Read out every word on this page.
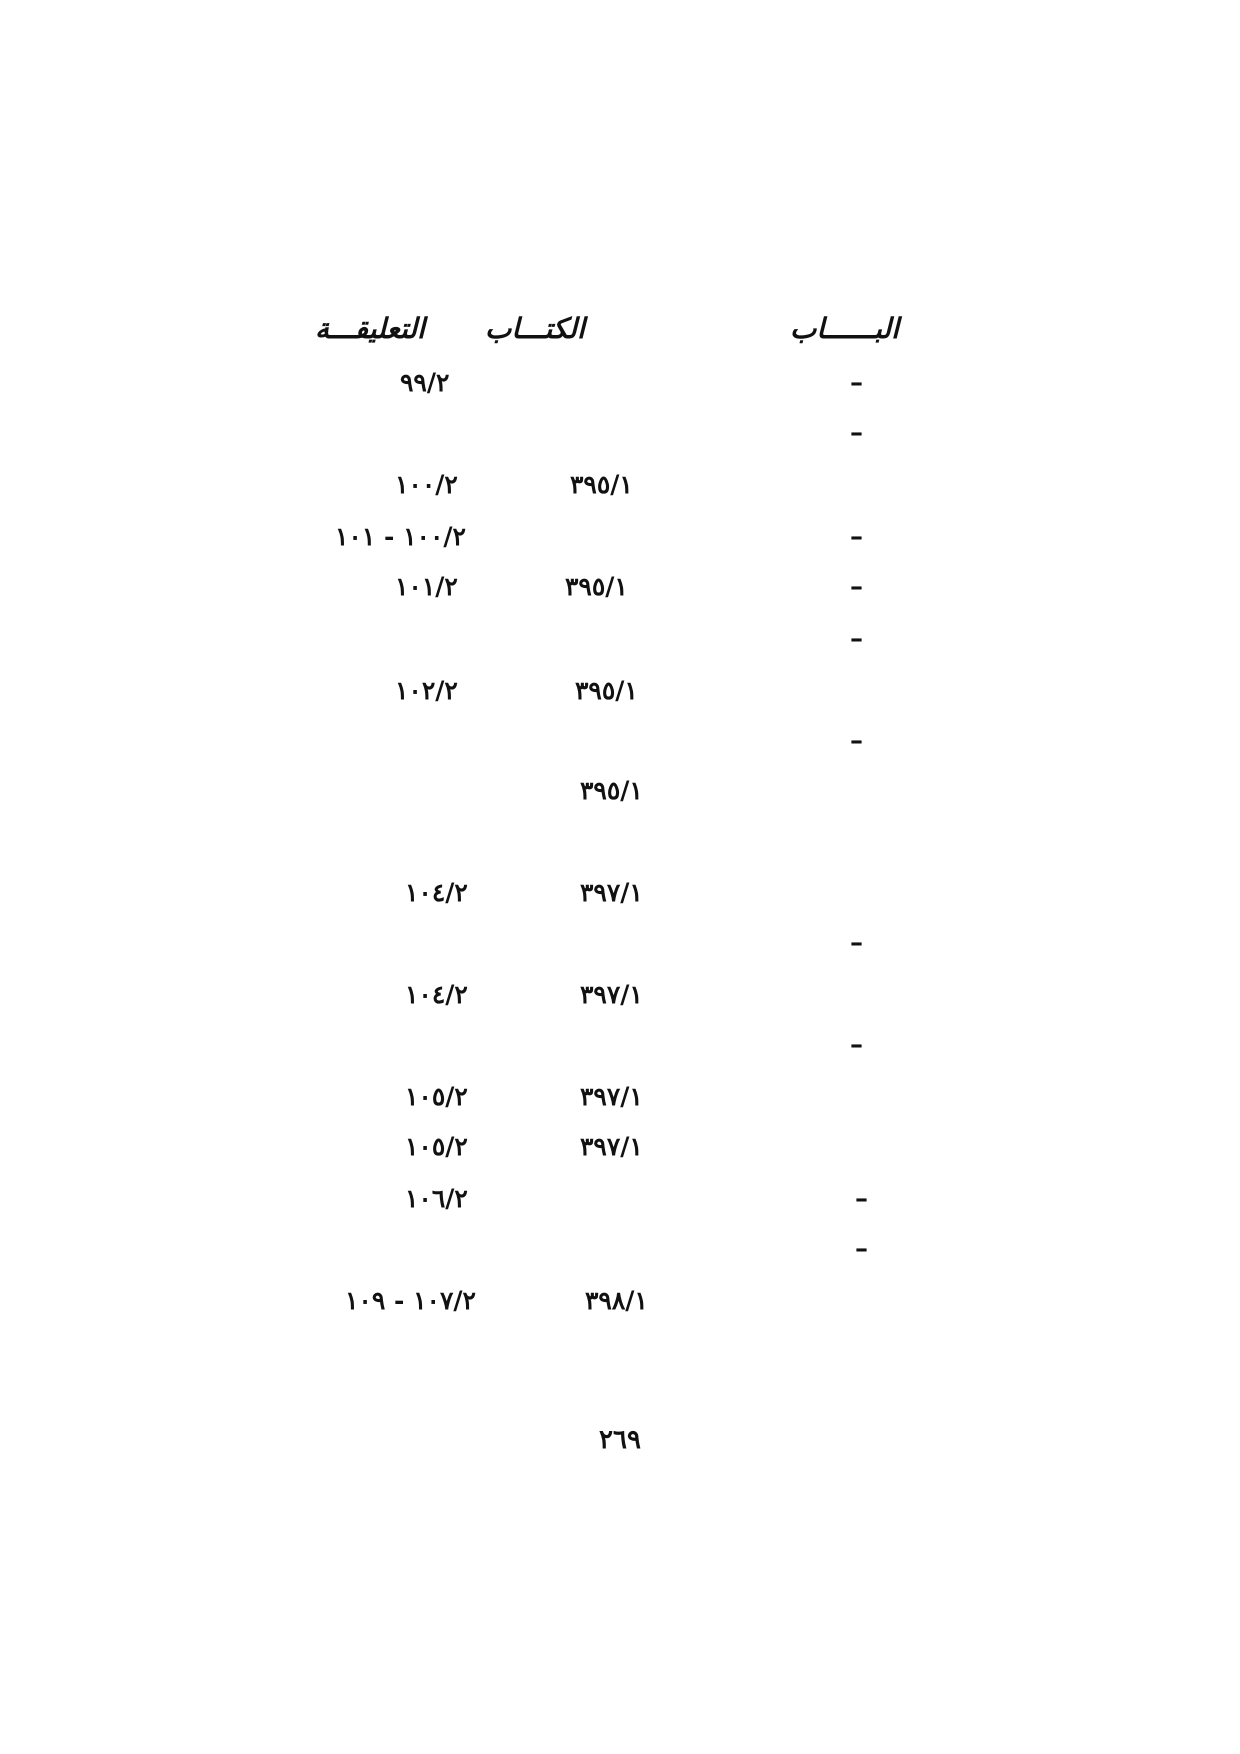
البــــــاب
الكتـــاب
التعليقـــة
–
٩٩/٢
–
٣٩٥/١
١٠٠/٢
–
١٠٠/٢ - ١٠١
–
٣٩٥/١
١٠١/٢
–
٣٩٥/١
١٠٢/٢
–
٣٩٥/١
٣٩٧/١
١٠٤/٢
–
٣٩٧/١
١٠٤/٢
–
٣٩٧/١
١٠٥/٢
٣٩٧/١
١٠٥/٢
–
١٠٦/٢
–
٣٩٨/١
١٠٧/٢ - ١٠٩
٢٦٩
